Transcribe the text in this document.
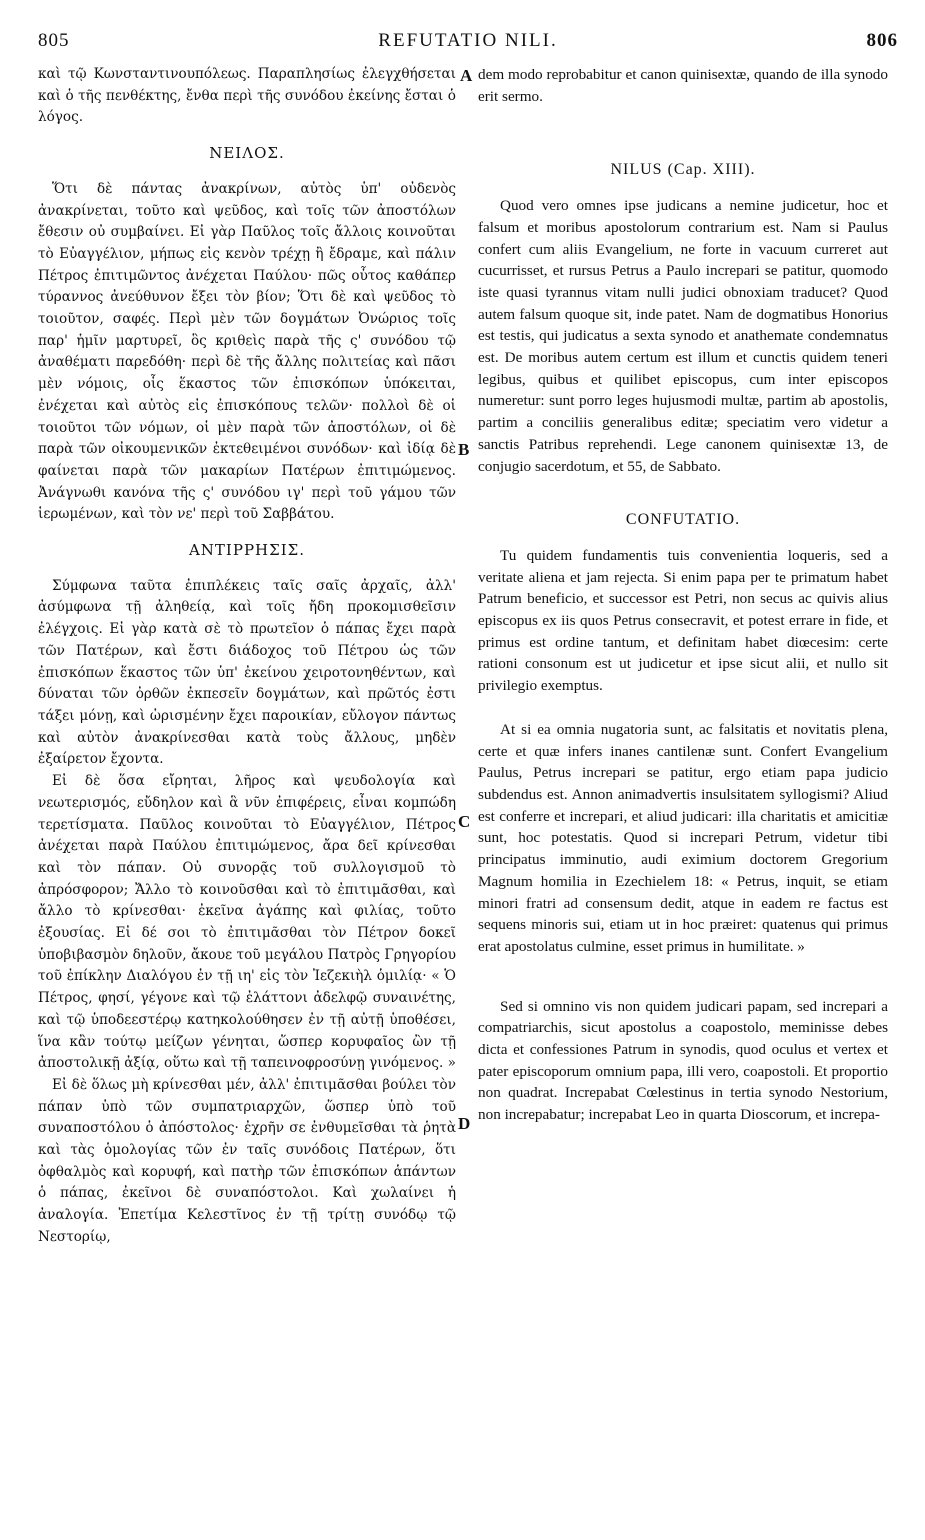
805	REFUTATIO NILI.	806

καὶ τῷ Κωνσταντινουπόλεως. Παραπλησίως ἐλεγχθήσεται καὶ ὁ τῆς πενθέκτης, ἔνθα περὶ τῆς συνόδου ἐκείνης ἔσται ὁ λόγος.

ΝΕΙΛΟΣ.

Ὅτι δὲ πάντας ἀνακρίνων, αὐτὸς ὑπ' οὐδενὸς ἀνακρίνεται, τοῦτο καὶ ψεῦδος, καὶ τοῖς τῶν ἀποστόλων ἔθεσιν οὐ συμβαίνει. Εἰ γὰρ Παῦλος τοῖς ἄλλοις κοινοῦται τὸ Εὐαγγέλιον, μήπως εἰς κενὸν τρέχῃ ἢ ἔδραμε, καὶ πάλιν Πέτρος ἐπιτιμῶντος ἀνέχεται Παύλου· πῶς οὗτος καθάπερ τύραννος ἀνεύθυνον ἔξει τὸν βίον; Ὅτι δὲ καὶ ψεῦδος τὸ τοιοῦτον, σαφές. Περὶ μὲν τῶν δογμάτων Ὀνώριος τοῖς παρ' ἡμῖν μαρτυρεῖ, ὃς κριθεὶς παρὰ τῆς ς' συνόδου τῷ ἀναθέματι παρεδόθη· περὶ δὲ τῆς ἄλλης πολιτείας καὶ πᾶσι μὲν νόμοις, οἷς ἕκαστος τῶν ἐπισκόπων ὑπόκειται, ἐνέχεται καὶ αὐτὸς εἰς ἐπισκόπους τελῶν· πολλοὶ δὲ οἱ τοιοῦτοι τῶν νόμων, οἱ μὲν παρὰ τῶν ἀποστόλων, οἱ δὲ παρὰ τῶν οἰκουμενικῶν ἐκτεθειμένοι συνόδων· καὶ ἰδίᾳ δὲ φαίνεται παρὰ τῶν μακαρίων Πατέρων ἐπιτιμώμενος. Ἀνάγνωθι κανόνα τῆς ς' συνόδου ιγ' περὶ τοῦ γάμου τῶν ἱερωμένων, καὶ τὸν νε' περὶ τοῦ Σαββάτου.

ΑΝΤΙΡΡΗΣΙΣ.

Σύμφωνα ταῦτα ἐπιπλέκεις ταῖς σαῖς ἀρχαῖς, ἀλλ' ἀσύμφωνα τῇ ἀληθείᾳ, καὶ τοῖς ἤδη προκομισθεῖσιν ἐλέγχοις. Εἰ γὰρ κατὰ σὲ τὸ πρωτεῖον ὁ πάπας ἔχει παρὰ τῶν Πατέρων, καὶ ἔστι διάδοχος τοῦ Πέτρου ὡς τῶν ἐπισκόπων ἕκαστος τῶν ὑπ' ἐκείνου χειροτονηθέντων, καὶ δύναται τῶν ὀρθῶν ἐκπεσεῖν δογμάτων, καὶ πρῶτός ἐστι τάξει μόνῃ, καὶ ὡρισμένην ἔχει παροικίαν, εὔλογον πάντως καὶ αὐτὸν ἀνακρίνεσθαι κατὰ τοὺς ἄλλους, μηδὲν ἐξαίρετον ἔχοντα.

Εἰ δὲ ὅσα εἴρηται, λῆρος καὶ ψευδολογία καὶ νεωτερισμός, εὔδηλον καὶ ἃ νῦν ἐπιφέρεις, εἶναι κομπώδη τερετίσματα. Παῦλος κοινοῦται τὸ Εὐαγγέλιον, Πέτρος ἀνέχεται παρὰ Παύλου ἐπιτιμώμενος, ἄρα δεῖ κρίνεσθαι καὶ τὸν πάπαν. Οὐ συνορᾷς τοῦ συλλογισμοῦ τὸ ἀπρόσφορον; Ἄλλο τὸ κοινοῦσθαι καὶ τὸ ἐπιτιμᾶσθαι, καὶ ἄλλο τὸ κρίνεσθαι· ἐκεῖνα ἀγάπης καὶ φιλίας, τοῦτο ἐξουσίας. Εἰ δέ σοι τὸ ἐπιτιμᾶσθαι τὸν Πέτρον δοκεῖ ὑποβιβασμὸν δηλοῦν, ἄκουε τοῦ μεγάλου Πατρὸς Γρηγορίου τοῦ ἐπίκλην Διαλόγου ἐν τῇ ιη' εἰς τὸν Ἰεζεκιὴλ ὁμιλίᾳ· « Ὁ Πέτρος, φησί, γέγονε καὶ τῷ ἐλάττονι ἀδελφῷ συναινέτης, καὶ τῷ ὑποδεεστέρῳ κατηκολούθησεν ἐν τῇ αὐτῇ ὑποθέσει, ἵνα κἂν τούτῳ μείζων γένηται, ὥσπερ κορυφαῖος ὢν τῇ ἀποστολικῇ ἀξίᾳ, οὕτω καὶ τῇ ταπεινοφροσύνῃ γινόμενος. »

Εἰ δὲ ὅλως μὴ κρίνεσθαι μέν, ἀλλ' ἐπιτιμᾶσθαι βούλει τὸν πάπαν ὑπὸ τῶν συμπατριαρχῶν, ὥσπερ ὑπὸ τοῦ συναποστόλου ὁ ἀπόστολος· ἐχρῆν σε ἐνθυμεῖσθαι τὰ ῥητὰ καὶ τὰς ὁμολογίας τῶν ἐν ταῖς συνόδοις Πατέρων, ὅτι ὀφθαλμὸς καὶ κορυφή, καὶ πατὴρ τῶν ἐπισκόπων ἁπάντων ὁ πάπας, ἐκεῖνοι δὲ συναπόστολοι. Καὶ χωλαίνει ἡ ἀναλογία. Ἐπετίμα Κελεστῖνος ἐν τῇ τρίτῃ συνόδῳ τῷ Νεστορίῳ,

A
B
C
D

dem modo reprobabitur et canon quinisextæ, quando de illa synodo erit sermo.

NILUS (Cap. XIII).

Quod vero omnes ipse judicans a nemine judicetur, hoc et falsum et moribus apostolorum contrarium est. Nam si Paulus confert cum aliis Evangelium, ne forte in vacuum curreret aut cucurrisset, et rursus Petrus a Paulo increpari se patitur, quomodo iste quasi tyrannus vitam nulli judici obnoxiam traducet? Quod autem falsum quoque sit, inde patet. Nam de dogmatibus Honorius est testis, qui judicatus a sexta synodo et anathemate condemnatus est. De moribus autem certum est illum et cunctis quidem teneri legibus, quibus et quilibet episcopus, cum inter episcopos numeretur: sunt porro leges hujusmodi multæ, partim ab apostolis, partim a conciliis generalibus editæ; speciatim vero videtur a sanctis Patribus reprehendi. Lege canonem quinisextæ 13, de conjugio sacerdotum, et 55, de Sabbato.

CONFUTATIO.

Tu quidem fundamentis tuis convenientia loqueris, sed a veritate aliena et jam rejecta. Si enim papa per te primatum habet Patrum beneficio, et successor est Petri, non secus ac quivis alius episcopus ex iis quos Petrus consecravit, et potest errare in fide, et primus est ordine tantum, et definitam habet diœcesim: certe rationi consonum est ut judicetur et ipse sicut alii, et nullo sit privilegio exemptus.

At si ea omnia nugatoria sunt, ac falsitatis et novitatis plena, certe et quæ infers inanes cantilenæ sunt. Confert Evangelium Paulus, Petrus increpari se patitur, ergo etiam papa judicio subdendus est. Annon animadvertis insulsitatem syllogismi? Aliud est conferre et increpari, et aliud judicari: illa charitatis et amicitiæ sunt, hoc potestatis. Quod si increpari Petrum, videtur tibi principatus imminutio, audi eximium doctorem Gregorium Magnum homilia in Ezechielem 18: « Petrus, inquit, se etiam minori fratri ad consensum dedit, atque in eadem re factus est sequens minoris sui, etiam ut in hoc præiret: quatenus qui primus erat apostolatus culmine, esset primus in humilitate. »

Sed si omnino vis non quidem judicari papam, sed increpari a compatriarchis, sicut apostolus a coapostolo, meminisse debes dicta et confessiones Patrum in synodis, quod oculus et vertex et pater episcoporum omnium papa, illi vero, coapostoli. Et proportio non quadrat. Increpabat Cœlestinus in tertia synodo Nestorium, non increpabatur; increpabat Leo in quarta Dioscorum, et increpa-
